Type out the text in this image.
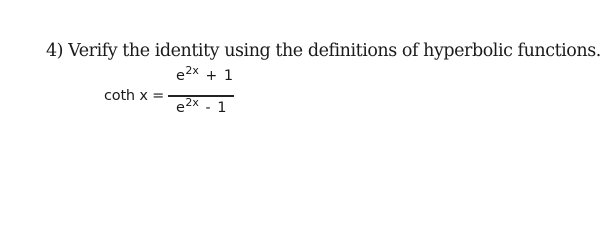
4) Verify the identity using the definitions of hyperbolic functions.
coth x =
$e^{2x} + 1$
$e^{2x} - 1$
